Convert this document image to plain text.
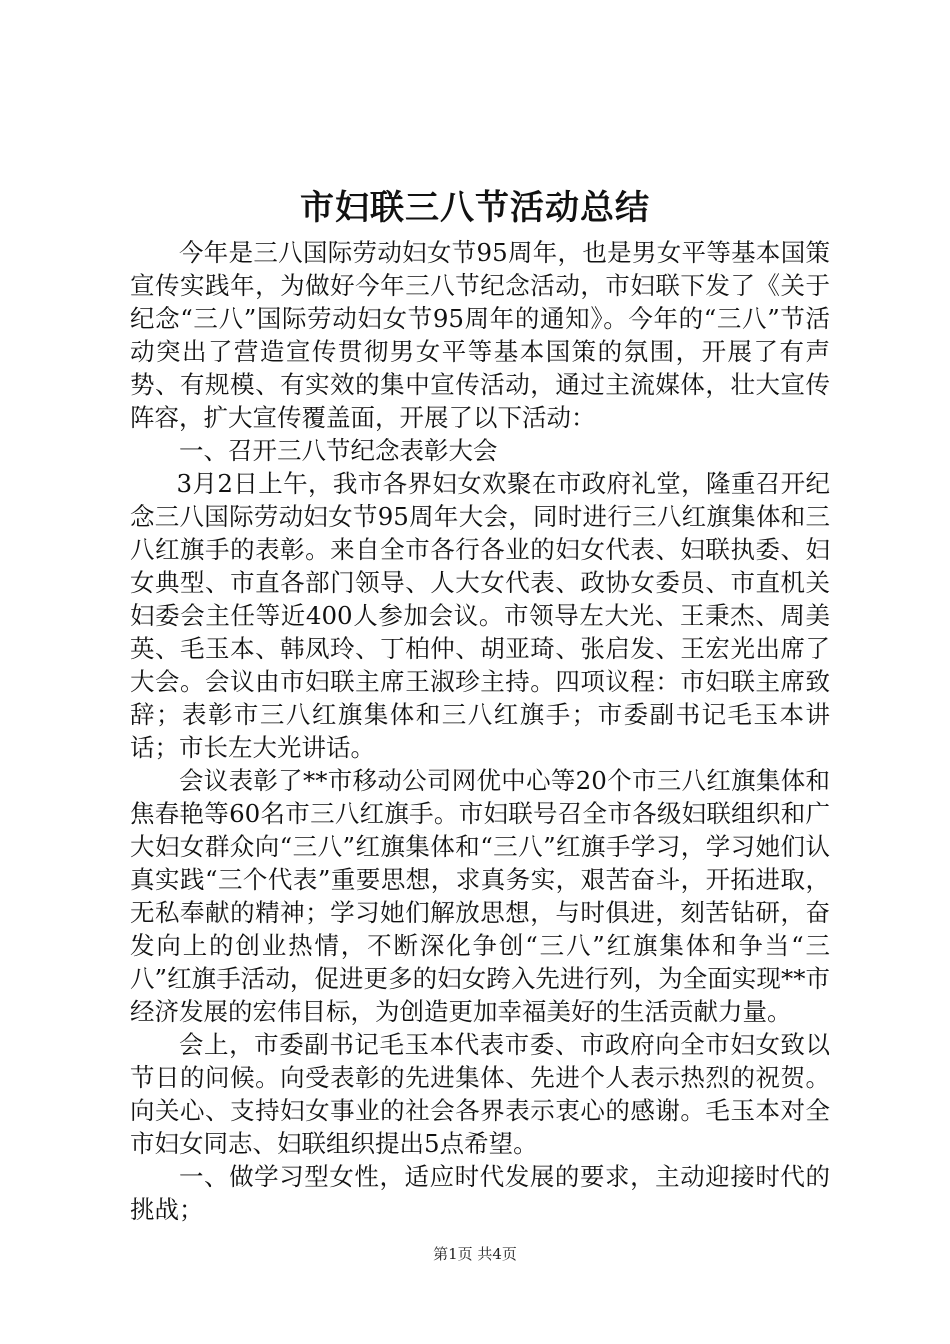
市妇联三八节活动总结

今年是三八国际劳动妇女节95周年，也是男女平等基本国策宣传实践年，为做好今年三八节纪念活动，市妇联下发了《关于纪念“三八”国际劳动妇女节95周年的通知》。今年的“三八”节活动突出了营造宣传贯彻男女平等基本国策的氛围，开展了有声势、有规模、有实效的集中宣传活动，通过主流媒体，壮大宣传阵容，扩大宣传覆盖面，开展了以下活动：

一、召开三八节纪念表彰大会

3月2日上午，我市各界妇女欢聚在市政府礼堂，隆重召开纪念三八国际劳动妇女节95周年大会，同时进行三八红旗集体和三八红旗手的表彰。来自全市各行各业的妇女代表、妇联执委、妇女典型、市直各部门领导、人大女代表、政协女委员、市直机关妇委会主任等近400人参加会议。市领导左大光、王秉杰、周美英、毛玉本、韩凤玲、丁柏仲、胡亚琦、张启发、王宏光出席了大会。会议由市妇联主席王淑珍主持。四项议程：市妇联主席致辞；表彰市三八红旗集体和三八红旗手；市委副书记毛玉本讲话；市长左大光讲话。

会议表彰了**市移动公司网优中心等20个市三八红旗集体和焦春艳等60名市三八红旗手。市妇联号召全市各级妇联组织和广大妇女群众向“三八”红旗集体和“三八”红旗手学习，学习她们认真实践“三个代表”重要思想，求真务实，艰苦奋斗，开拓进取，无私奉献的精神；学习她们解放思想，与时俱进，刻苦钻研，奋发向上的创业热情，不断深化争创“三八”红旗集体和争当“三八”红旗手活动，促进更多的妇女跨入先进行列，为全面实现**市经济发展的宏伟目标，为创造更加幸福美好的生活贡献力量。

会上，市委副书记毛玉本代表市委、市政府向全市妇女致以节日的问候。向受表彰的先进集体、先进个人表示热烈的祝贺。向关心、支持妇女事业的社会各界表示衷心的感谢。毛玉本对全市妇女同志、妇联组织提出5点希望。

一、做学习型女性，适应时代发展的要求，主动迎接时代的挑战；

第1页 共4页
